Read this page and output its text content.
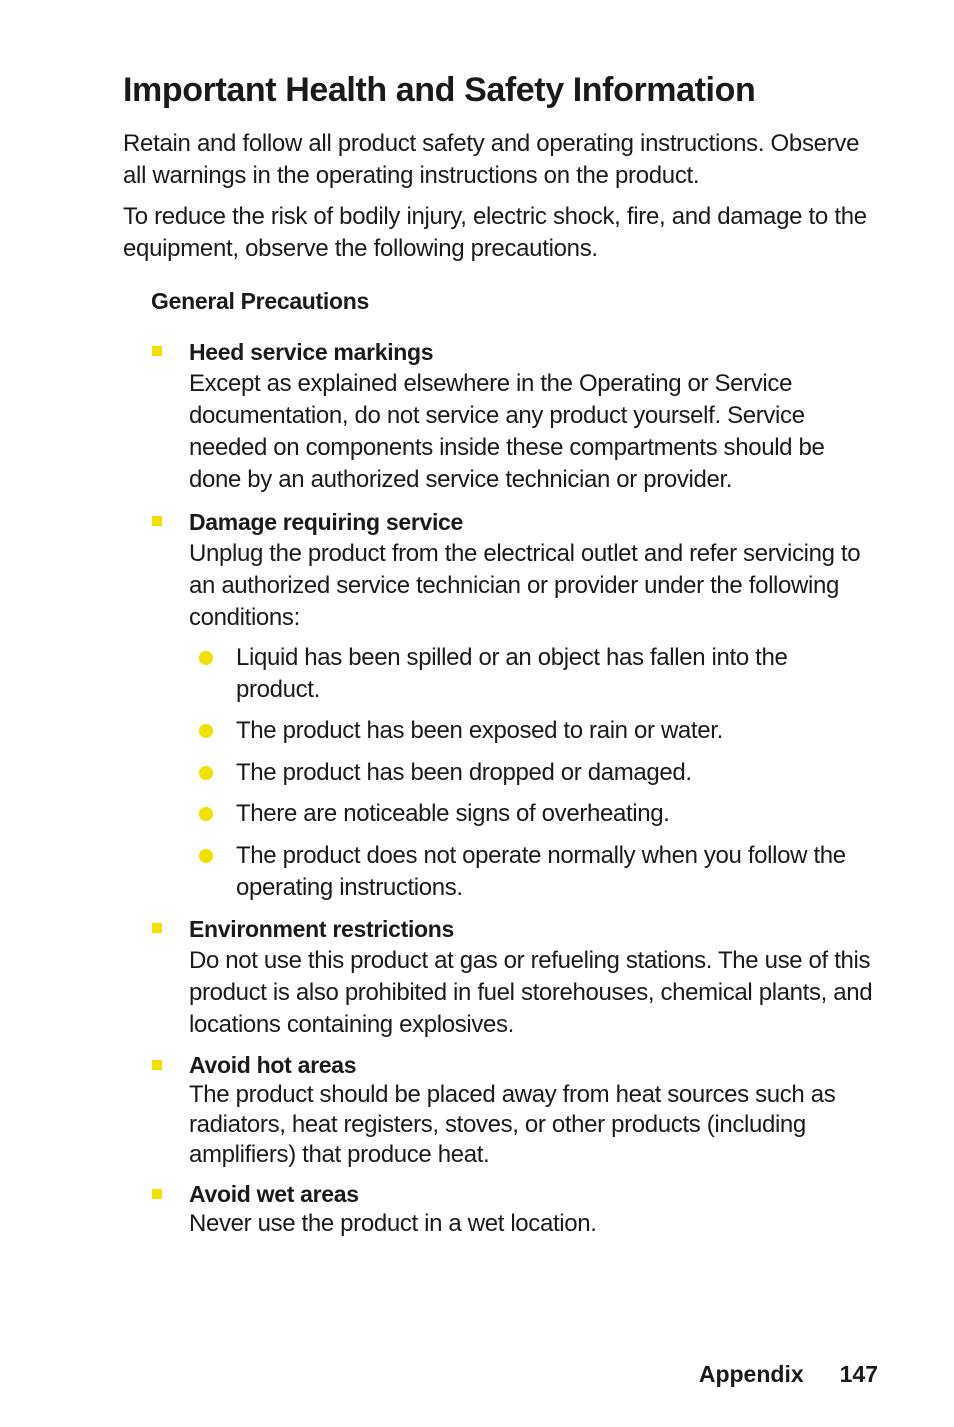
Important Health and Safety Information

Retain and follow all product safety and operating instructions. Observe all warnings in the operating instructions on the product.

To reduce the risk of bodily injury, electric shock, fire, and damage to the equipment, observe the following precautions.

General Precautions
Heed service markings
Except as explained elsewhere in the Operating or Service documentation, do not service any product yourself. Service needed on components inside these compartments should be done by an authorized service technician or provider.
Damage requiring service
Unplug the product from the electrical outlet and refer servicing to an authorized service technician or provider under the following conditions:
Liquid has been spilled or an object has fallen into the product.
The product has been exposed to rain or water.
The product has been dropped or damaged.
There are noticeable signs of overheating.
The product does not operate normally when you follow the operating instructions.
Environment restrictions
Do not use this product at gas or refueling stations. The use of this product is also prohibited in fuel storehouses, chemical plants, and locations containing explosives.
Avoid hot areas
The product should be placed away from heat sources such as radiators, heat registers, stoves, or other products (including amplifiers) that produce heat.
Avoid wet areas
Never use the product in a wet location.
Appendix 147
